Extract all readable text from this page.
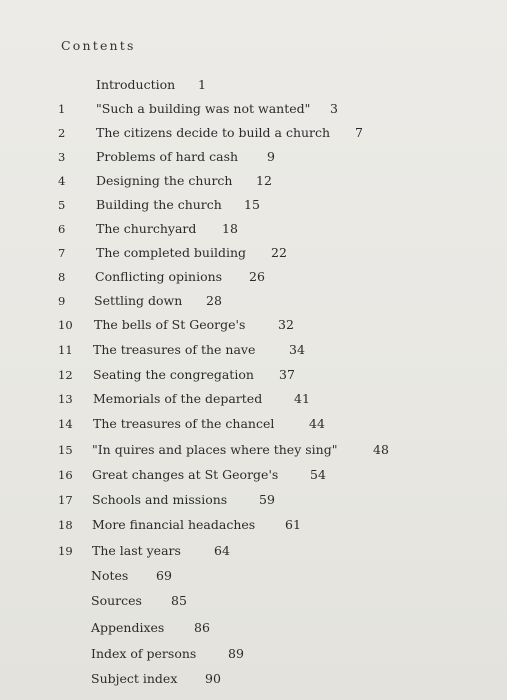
Contents
Introduction 1
1	"Such a building was not wanted" 3
2	The citizens decide to build a church 7
3	Problems of hard cash 9
4	Designing the church 12
5	Building the church 15
6	The churchyard 18
7	The completed building 22
8	Conflicting opinions 26
9	Settling down 28
10	The bells of St George's	32
11	The treasures of the nave	34
12	Seating the congregation 37
13	Memorials of the departed	41
14	The treasures of the chancel	44
15	"In quires and places where they sing"	48
16	Great changes at St George's	54
17	Schools and missions	59
18	More financial headaches 61
19	The last years	64
Notes 69
Sources 85
Appendixes 86
Index of persons	89
Subject index 90
